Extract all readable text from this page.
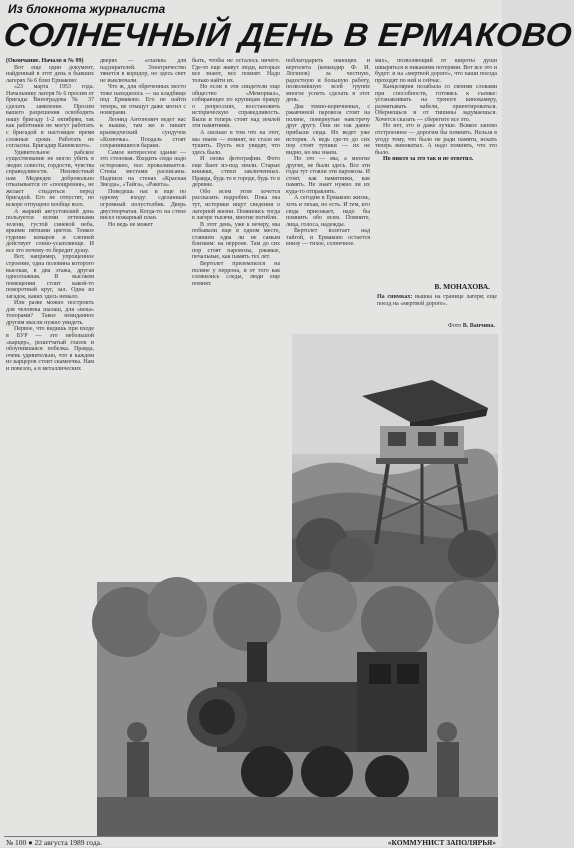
Из блокнота журналиста
СОЛНЕЧНЫЙ ДЕНЬ В ЕРМАКОВО

(Окончание. Начало в № 99)

Вот еще один документ, найденный в этот день в бывших лагерях № 6 близ Ермаково:

«23 марта 1953 года. Начальнику лагеря № 6 просим от бригады Виноградова № 37 сделать заявление. Просим вашего разрешения освободить нашу бригаду 1‑2 октябрям, так как работники не могут работать с бригадой в настоящее время сложные сроки. Работать не согласны. Бригадир Каневского».

Удивительное рабское существование не могло убить в людях совести, гордости, чувства справедливости. Неизвестный нам Медведев добровольно отказывается от «поощрения», не желает стыдиться перед бригадой. Его не отпустят, но вскоре отпущено вообще всех.

А жаркий августовский день пользуется всеми оттенками зелени, густой синевой неба, яркими пятнами цветов. Тонкое гудение комаров и слепней действует сонно‑усыпляюще. И все это почему‑то бередит душу.

Вот, например, упрощенное строение, одна половина которого высокая, в два этажа, другая одноэтажная. В высоком помещении стоит какой‑то поворотный круг, зал. Одна из загадок, каких здесь немало.

Или разве можно построить для человека шалаш, для «века» топорами? Такое невиданное другим мысли нужно увидеть.

Первое, что видишь при входе в БУР — это небольшой «карцер», решетчатый глазок и облупившаяся побелка. Правда, очень удивительно, что в каждом из карцеров стоит скамеечка. Нам и повезло, а в металлических

дверях — «глазки» для надзирателей. Электричество тянется в коридор, но здесь свет не выключали.

Что ж, для обреченных место тоже находилось — на кладбище под Ермаково. Его не найти теперь, не отыщут даже могил с номерами.

Леонид Антонович ведет нас к вышке, там же и пишет краеведческий сундучок «Колючка». Поодаль стоят сохранившиеся бараки.

Самое интересное здание — это столовая. Входить сюда надо осторожно, пол проваливается. Стены местами расписаны. Надписи на стенах «Красная Звезда», «Тайга», «Ракета».

Поведешь нас и еще по одному входу: сделанный огромный полустолбик. Дверь двустворчатая. Когда‑то на стене висел пожарный план.

Но ведь не может

быть, чтобы не осталось ничего. Где‑то еще живут люди, которых все знают, все помнят. Надо только найти их.

Но если в эти свидетели еще общество «Мемориал», собирающее по крупицам правду о репрессиях, восстановить историческую справедливость. Были и теперь стоят над землей эти памятники.

А сколько в том что на этот, мы знаем — помнят, но стало не тушить. Пусть все увидят, что здесь было.

И снова фотографии. Фото еще бьют из‑под земли. Старые книжки, стихи заключенных. Правда, будь то в городе, будь то в деревне.

Обо всем этом хочется рассказать подробно. Пока мы тут, историки ищут сведения о лагерной жизни. Появились тогда в лагере тысячи, многие погибли.

В этот день, уже к вечеру, мы побывали еще в одном месте, ставшем едва ли не самым близким: на перроне. Там до сих пор стоят паровозы, ржавые, печальные, как память тех лет.

Вертолет приземлился на поляне у перрона, и от того как сложились следы, люди еще помнят.

поблагодарить знающих и вертолета (командир Ф. И. Логинов) за честную, радостную и большую работу, позволившую всей группе многое успеть сделать в этот день.

Два темно‑коричневых, с ржавчиной паровоза стоят на поляне, повернутые навстречу друг другу. Они не так давно прибыли сюда. Их ведет уже история. А ведь где‑то до сих пор стоят тупики — их не видно, но мы знаем.

Но это — мы, а многие другие, не были здесь. Все эти годы тут стояли эти паровозы. И стоят, как памятники, как память. Не знает нужно ли их куда‑то отправлять.

А сегодня в Ермаково жизнь, хоть и тихая, но есть. И тем, кто сюда приезжает, надо бы помнить обо всем. Помните, лица, голоса, надежды.

Вертолет взлетает над тайгой, и Ермаково остается внизу — тихое, солнечное.

мах», позволяющий от широты души швыряться и никакими потерями. Вот все это и будет: и на «мертвой дороге», что наши поезда проходят по ней и сейчас.

Канцелярия позабыла со своими словами при способности, готовясь к съемке: устанавливать на треноге кинокамеру, разматывать кабели, ориентироваться. Обернешься и от тишины задумаешься. Хочется сказать — сберегите все это.

Но нет, это и даже лучше. Всякое заново отстроенное — дорогим бы помнить. Нельзя в угоду тому, что было не ради памяти, искать теперь виноватых. А надо помнить, что это было.

Но никто за это так и не ответил.

В. МОНАХОВА.
На снимках: вышка на границе лагеря; еще поезд на «мертвой дороге».
Фото В. Ванчина.
№ 100 ● 22 августа 1989 года.	«КОММУНИСТ ЗАПОЛЯРЬЯ»
